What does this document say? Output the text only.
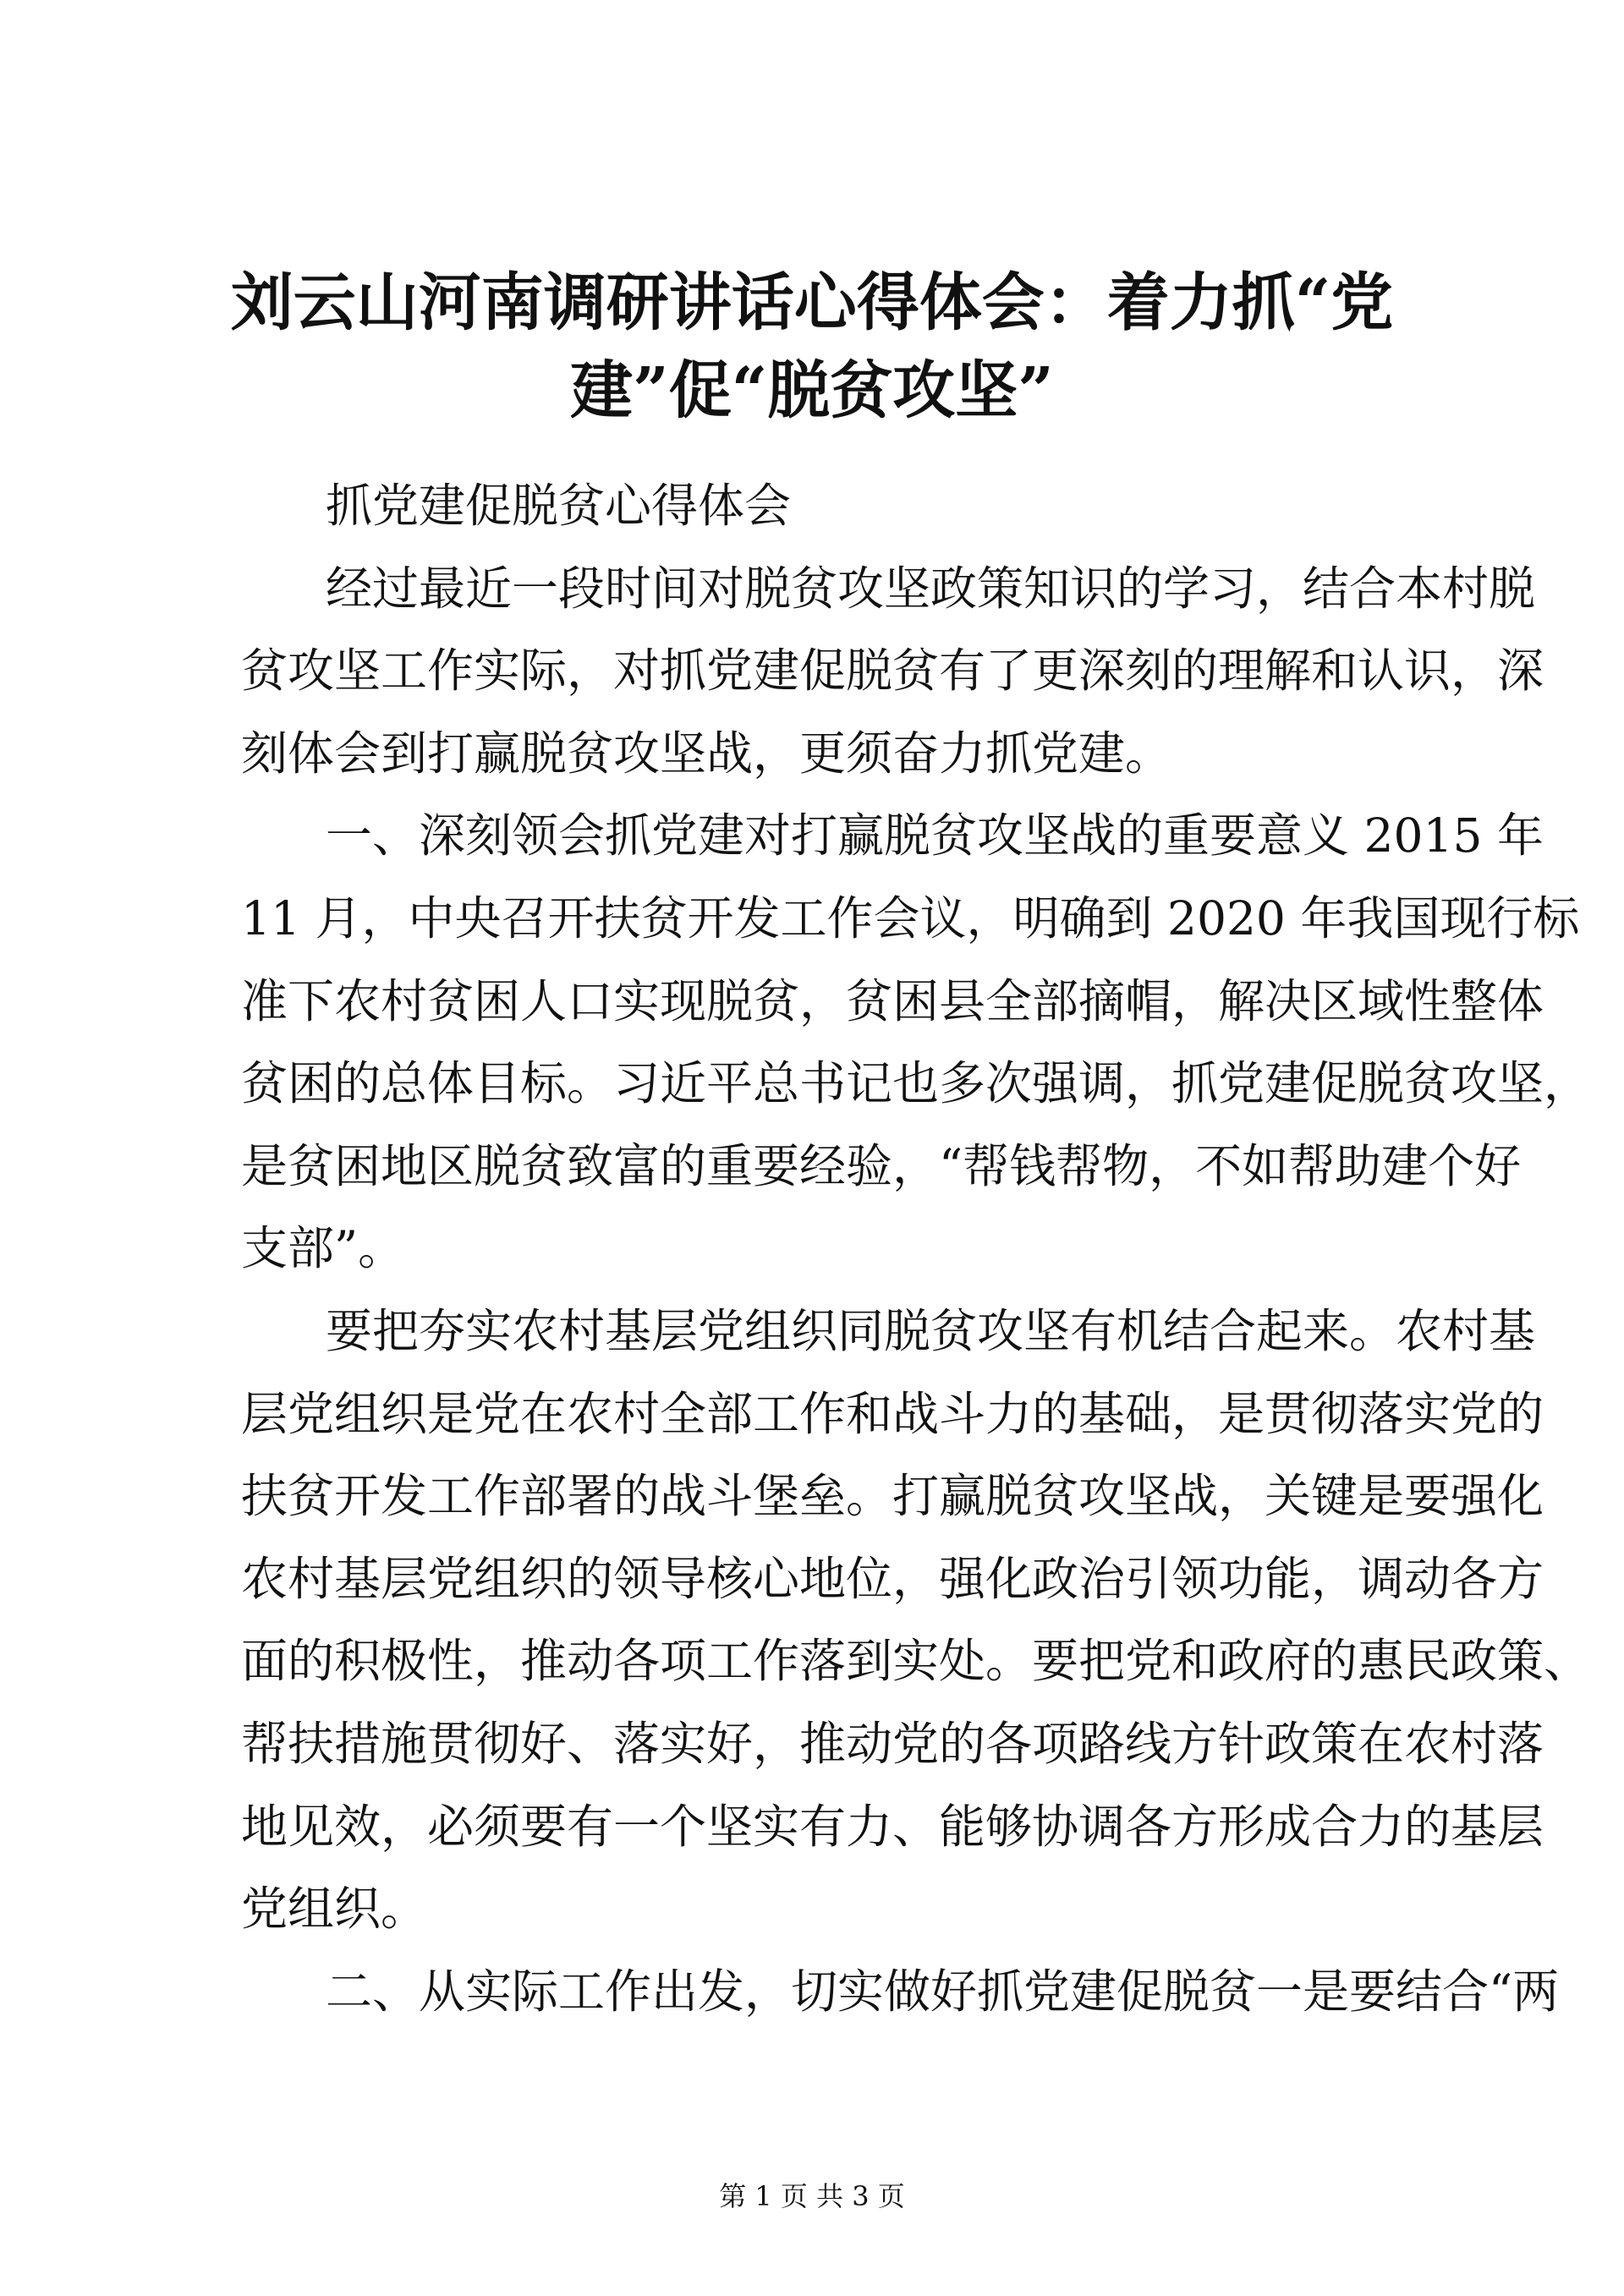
刘云山河南调研讲话心得体会：着力抓“党
建”促“脱贫攻坚”
抓党建促脱贫心得体会
经过最近一段时间对脱贫攻坚政策知识的学习，结合本村脱
贫攻坚工作实际，对抓党建促脱贫有了更深刻的理解和认识，深
刻体会到打赢脱贫攻坚战，更须奋力抓党建。
一、深刻领会抓党建对打赢脱贫攻坚战的重要意义 2015 年
11 月，中央召开扶贫开发工作会议，明确到 2020 年我国现行标
准下农村贫困人口实现脱贫，贫困县全部摘帽，解决区域性整体
贫困的总体目标。习近平总书记也多次强调，抓党建促脱贫攻坚，
是贫困地区脱贫致富的重要经验，“帮钱帮物，不如帮助建个好
支部”。
要把夯实农村基层党组织同脱贫攻坚有机结合起来。农村基
层党组织是党在农村全部工作和战斗力的基础，是贯彻落实党的
扶贫开发工作部署的战斗堡垒。打赢脱贫攻坚战，关键是要强化
农村基层党组织的领导核心地位，强化政治引领功能，调动各方
面的积极性，推动各项工作落到实处。要把党和政府的惠民政策、
帮扶措施贯彻好、落实好，推动党的各项路线方针政策在农村落
地见效，必须要有一个坚实有力、能够协调各方形成合力的基层
党组织。
二、从实际工作出发，切实做好抓党建促脱贫一是要结合“两
第 1 页 共 3 页
